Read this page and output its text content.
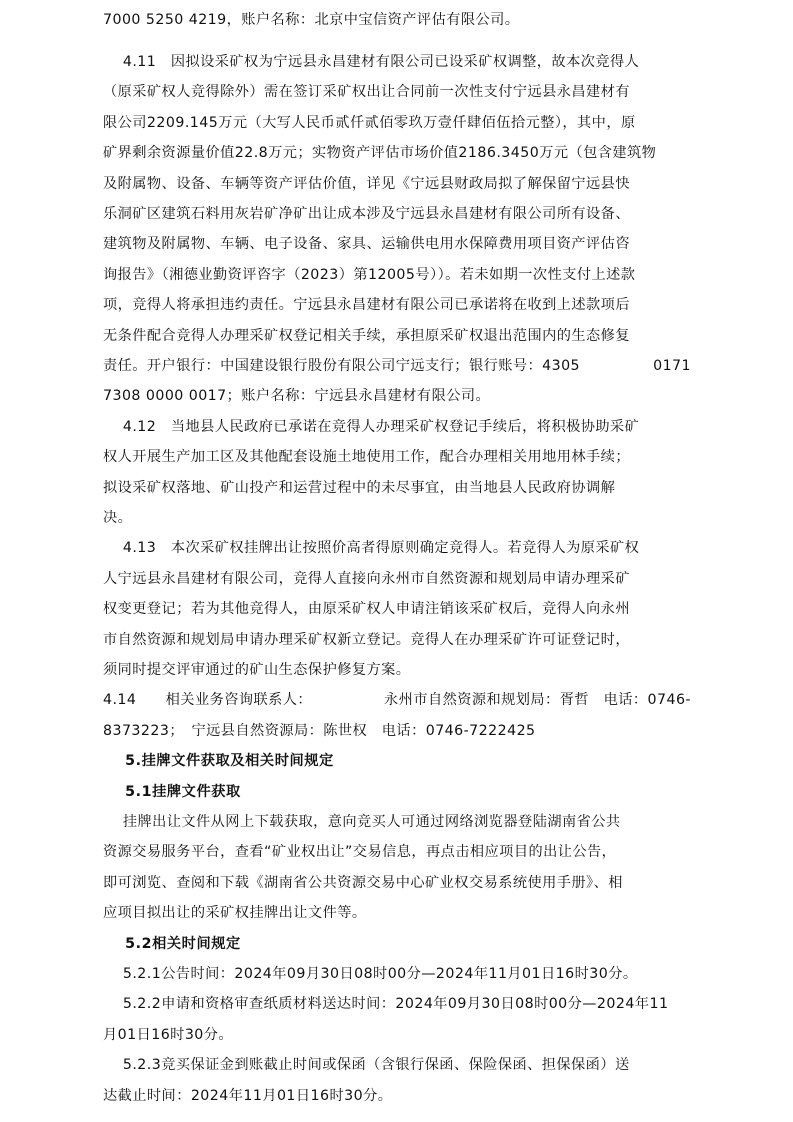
7000 5250 4219，账户名称：北京中宝信资产评估有限公司。
4.11　因拟设采矿权为宁远县永昌建材有限公司已设采矿权调整，故本次竞得人
（原采矿权人竞得除外）需在签订采矿权出让合同前一次性支付宁远县永昌建材有
限公司2209.145万元（大写人民币贰仟贰佰零玖万壹仟肆佰伍拾元整），其中，原
矿界剩余资源量价值22.8万元；实物资产评估市场价值2186.3450万元（包含建筑物
及附属物、设备、车辆等资产评估价值，详见《宁远县财政局拟了解保留宁远县快
乐洞矿区建筑石料用灰岩矿净矿出让成本涉及宁远县永昌建材有限公司所有设备、
建筑物及附属物、车辆、电子设备、家具、运输供电用水保障费用项目资产评估咨
询报告》（湘德业勤资评咨字（2023）第12005号））。若未如期一次性支付上述款
项，竞得人将承担违约责任。宁远县永昌建材有限公司已承诺将在收到上述款项后
无条件配合竞得人办理采矿权登记相关手续，承担原采矿权退出范围内的生态修复
责任。开户银行：中国建设银行股份有限公司宁远支行；银行账号：4305	0171
7308 0000 0017；账户名称：宁远县永昌建材有限公司。
4.12　当地县人民政府已承诺在竞得人办理采矿权登记手续后，将积极协助采矿
权人开展生产加工区及其他配套设施土地使用工作，配合办理相关用地用林手续；
拟设采矿权落地、矿山投产和运营过程中的未尽事宜，由当地县人民政府协调解
决。
4.13　本次采矿权挂牌出让按照价高者得原则确定竞得人。若竞得人为原采矿权
人宁远县永昌建材有限公司，竞得人直接向永州市自然资源和规划局申请办理采矿
权变更登记；若为其他竞得人，由原采矿权人申请注销该采矿权后，竞得人向永州
市自然资源和规划局申请办理采矿权新立登记。竞得人在办理采矿许可证登记时，
须同时提交评审通过的矿山生态保护修复方案。
4.14　　相关业务咨询联系人：	永州市自然资源和规划局：胥哲　电话：0746-
8373223；　宁远县自然资源局：陈世权　电话：0746-7222425
5.挂牌文件获取及相关时间规定
5.1挂牌文件获取
挂牌出让文件从网上下载获取，意向竞买人可通过网络浏览器登陆湖南省公共
资源交易服务平台，查看“矿业权出让”交易信息，再点击相应项目的出让公告，
即可浏览、查阅和下载《湖南省公共资源交易中心矿业权交易系统使用手册》、相
应项目拟出让的采矿权挂牌出让文件等。
5.2相关时间规定
5.2.1公告时间：2024年09月30日08时00分—2024年11月01日16时30分。
5.2.2申请和资格审查纸质材料送达时间：2024年09月30日08时00分—2024年11
月01日16时30分。
5.2.3竞买保证金到账截止时间或保函（含银行保函、保险保函、担保保函）送
达截止时间：2024年11月01日16时30分。
